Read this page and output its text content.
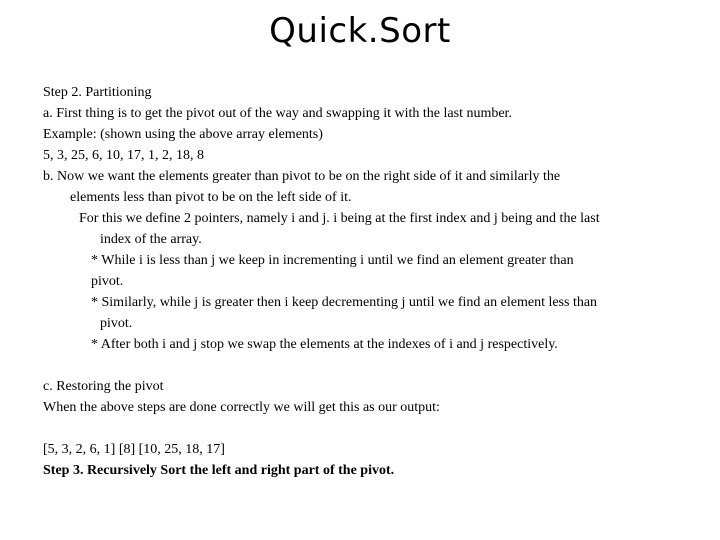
Quick.Sort
Step 2. Partitioning
a. First thing is to get the pivot out of the way and swapping it with the last number.
Example: (shown using the above array elements)
5, 3, 25, 6, 10, 17, 1, 2, 18, 8
b. Now we want the elements greater than pivot to be on the right side of it and similarly the
elements less than pivot to be on the left side of it.
For this we define 2 pointers, namely i and j. i being at the first index and j being and the last
index of the array.
* While i is less than j we keep in incrementing i until we find an element greater than
pivot.
* Similarly, while j is greater then i keep decrementing j until we find an element less than
pivot.
* After both i and j stop we swap the elements at the indexes of i and j respectively.
c. Restoring the pivot
When the above steps are done correctly we will get this as our output:
[5, 3, 2, 6, 1] [8] [10, 25, 18, 17]
Step 3. Recursively Sort the left and right part of the pivot.
